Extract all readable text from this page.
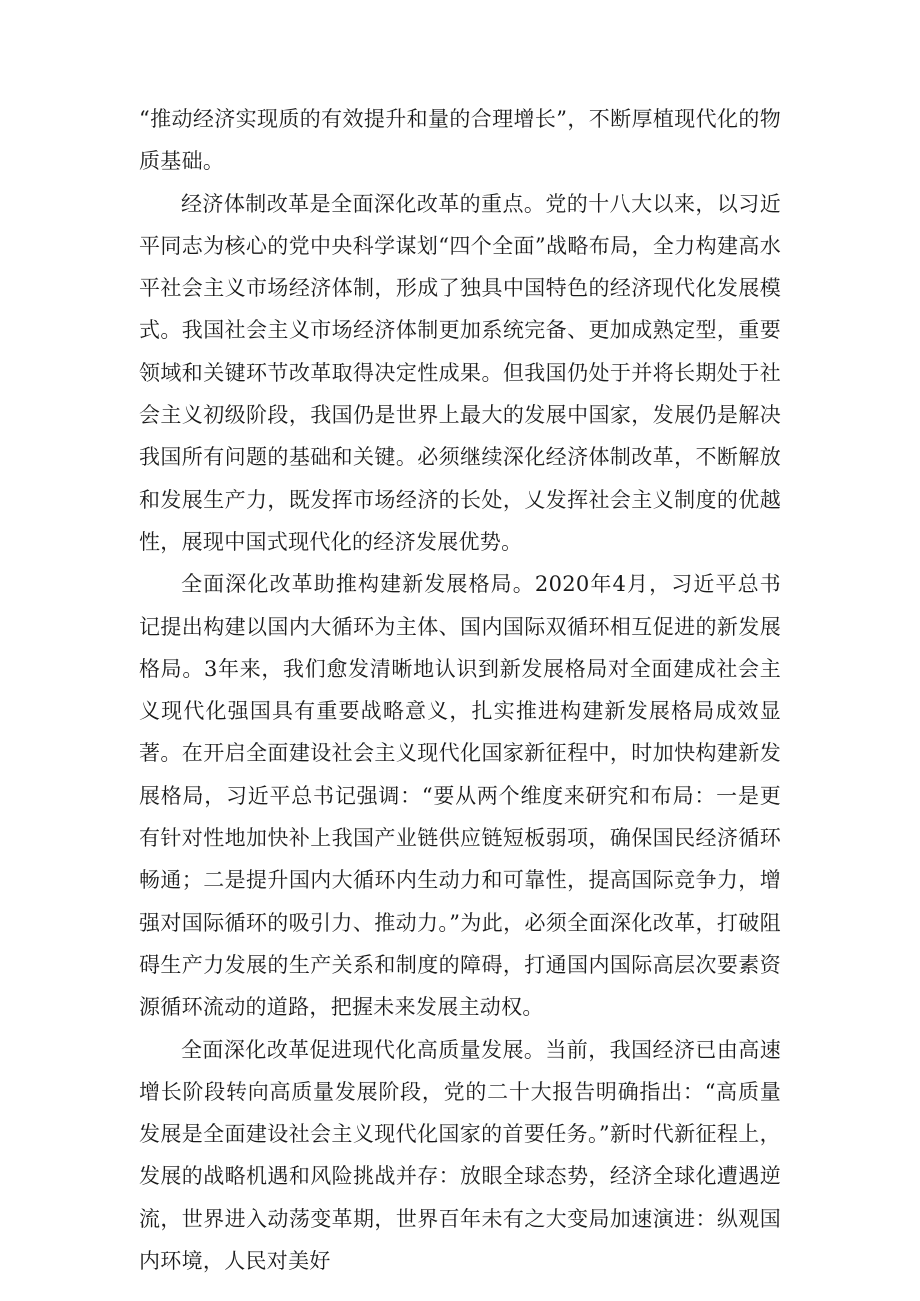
“推动经济实现质的有效提升和量的合理增长”，不断厚植现代化的物质基础。

经济体制改革是全面深化改革的重点。党的十八大以来，以习近平同志为核心的党中央科学谋划“四个全面”战略布局，全力构建高水平社会主义市场经济体制，形成了独具中国特色的经济现代化发展模式。我国社会主义市场经济体制更加系统完备、更加成熟定型，重要领域和关键环节改革取得决定性成果。但我国仍处于并将长期处于社会主义初级阶段，我国仍是世界上最大的发展中国家，发展仍是解决我国所有问题的基础和关键。必须继续深化经济体制改革，不断解放和发展生产力，既发挥市场经济的长处，乂发挥社会主义制度的优越性，展现中国式现代化的经济发展优势。

全面深化改革助推构建新发展格局。2020年4月，习近平总书记提出构建以国内大循环为主体、国内国际双循环相互促进的新发展格局。3年来，我们愈发清晰地认识到新发展格局对全面建成社会主义现代化强国具有重要战略意义，扎实推进构建新发展格局成效显著。在开启全面建设社会主义现代化国家新征程中，时加快构建新发展格局，习近平总书记强调：“要从两个维度来研究和布局：一是更有针对性地加快补上我国产业链供应链短板弱项，确保国民经济循环畅通；二是提升国内大循环内生动力和可靠性，提高国际竞争力，增强对国际循环的吸引力、推动力。”为此，必须全面深化改革，打破阻碍生产力发展的生产关系和制度的障碍，打通国内国际高层次要素资源循环流动的道路，把握未来发展主动权。

全面深化改革促进现代化高质量发展。当前，我国经济已由高速增长阶段转向高质量发展阶段，党的二十大报告明确指出：“高质量发展是全面建设社会主义现代化国家的首要任务。”新时代新征程上，发展的战略机遇和风险挑战并存：放眼全球态势，经济全球化遭遇逆流，世界进入动荡变革期，世界百年未有之大变局加速演进：纵观国内环境，人民对美好
